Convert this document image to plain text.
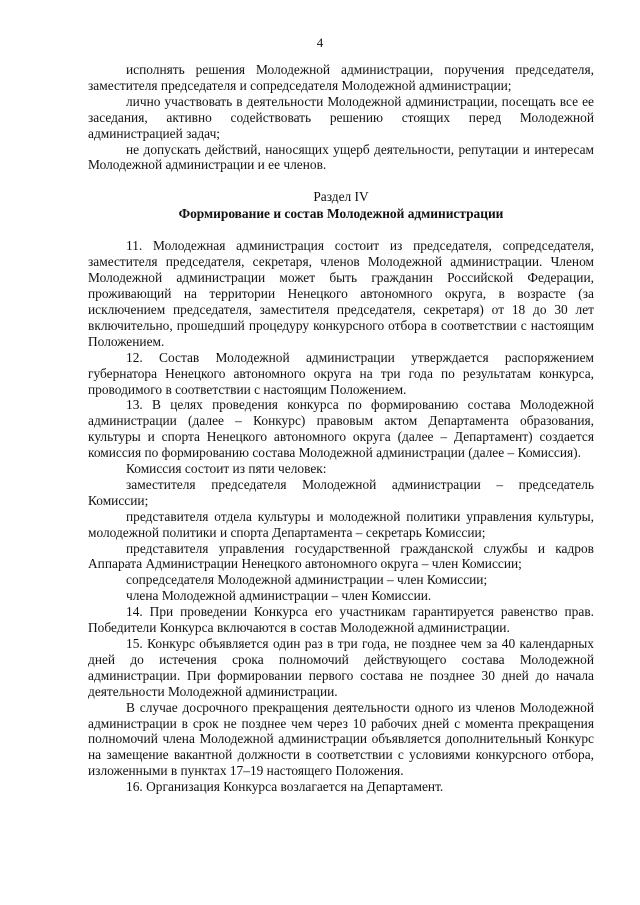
4

исполнять решения Молодежной администрации, поручения председателя, заместителя председателя и сопредседателя Молодежной администрации;

лично участвовать в деятельности Молодежной администрации, посещать все ее заседания, активно содействовать решению стоящих перед Молодежной администрацией задач;

не допускать действий, наносящих ущерб деятельности, репутации и интересам Молодежной администрации и ее членов.

Раздел IV
Формирование и состав Молодежной администрации

11. Молодежная администрация состоит из председателя, сопредседателя, заместителя председателя, секретаря, членов Молодежной администрации. Членом Молодежной администрации может быть гражданин Российской Федерации, проживающий на территории Ненецкого автономного округа, в возрасте (за исключением председателя, заместителя председателя, секретаря) от 18 до 30 лет включительно, прошедший процедуру конкурсного отбора в соответствии с настоящим Положением.

12. Состав Молодежной администрации утверждается распоряжением губернатора Ненецкого автономного округа на три года по результатам конкурса, проводимого в соответствии с настоящим Положением.

13. В целях проведения конкурса по формированию состава Молодежной администрации (далее – Конкурс) правовым актом Департамента образования, культуры и спорта Ненецкого автономного округа (далее – Департамент) создается комиссия по формированию состава Молодежной администрации (далее – Комиссия).

Комиссия состоит из пяти человек:

заместителя председателя Молодежной администрации – председатель Комиссии;

представителя отдела культуры и молодежной политики управления культуры, молодежной политики и спорта Департамента – секретарь Комиссии;

представителя управления государственной гражданской службы и кадров Аппарата Администрации Ненецкого автономного округа – член Комиссии;

сопредседателя Молодежной администрации – член Комиссии;

члена Молодежной администрации – член Комиссии.

14. При проведении Конкурса его участникам гарантируется равенство прав. Победители Конкурса включаются в состав Молодежной администрации.

15. Конкурс объявляется один раз в три года, не позднее чем за 40 календарных дней до истечения срока полномочий действующего состава Молодежной администрации. При формировании первого состава не позднее 30 дней до начала деятельности Молодежной администрации.

В случае досрочного прекращения деятельности одного из членов Молодежной администрации в срок не позднее чем через 10 рабочих дней с момента прекращения полномочий члена Молодежной администрации объявляется дополнительный Конкурс на замещение вакантной должности в соответствии с условиями конкурсного отбора, изложенными в пунктах 17–19 настоящего Положения.

16. Организация Конкурса возлагается на Департамент.
